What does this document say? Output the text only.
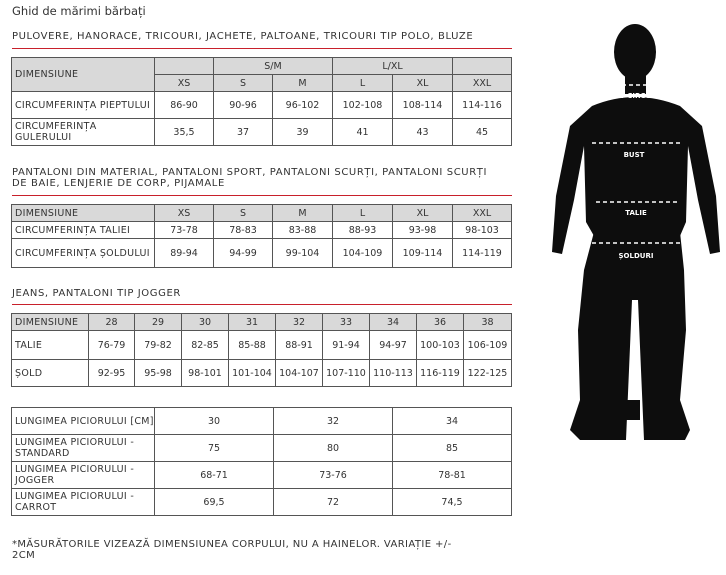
Ghid de mărimi bărbați
PULOVERE, HANORACE, TRICOURI, JACHETE, PALTOANE, TRICOURI TIP POLO, BLUZE
DIMENSIUNE		S/M		L/XL		
	XS	S	M	L	XL	XXL
CIRCUMFERINȚA PIEPTULUI	86-90	90-96	96-102	102-108	108-114	114-116
CIRCUMFERINȚA GULERULUI	35,5	37	39	41	43	45
PANTALONI DIN MATERIAL, PANTALONI SPORT, PANTALONI SCURȚI, PANTALONI SCURȚI DE BAIE, LENJERIE DE CORP, PIJAMALE
DIMENSIUNE	XS	S	M	L	XL	XXL
CIRCUMFERINȚA TALIEI	73-78	78-83	83-88	88-93	93-98	98-103
CIRCUMFERINȚA ȘOLDULUI	89-94	94-99	99-104	104-109	109-114	114-119
JEANS, PANTALONI TIP JOGGER
DIMENSIUNE	28	29	30	31	32	33	34	36	38
TALIE	76-79	79-82	82-85	85-88	88-91	91-94	94-97	100-103	106-109
ȘOLD	92-95	95-98	98-101	101-104	104-107	107-110	110-113	116-119	122-125
LUNGIMEA PICIORULUI [CM]	30	32	34
LUNGIMEA PICIORULUI - STANDARD	75	80	85
LUNGIMEA PICIORULUI - JOGGER	68-71	73-76	78-81
LUNGIMEA PICIORULUI - CARROT	69,5	72	74,5
*MĂSURĂTORILE VIZEAZĂ DIMENSIUNEA CORPULUI, NU A HAINELOR. VARIAȚIE +/- 2CM
GÂT CIRCUIT
BUST
TALIE
ȘOLDURI
